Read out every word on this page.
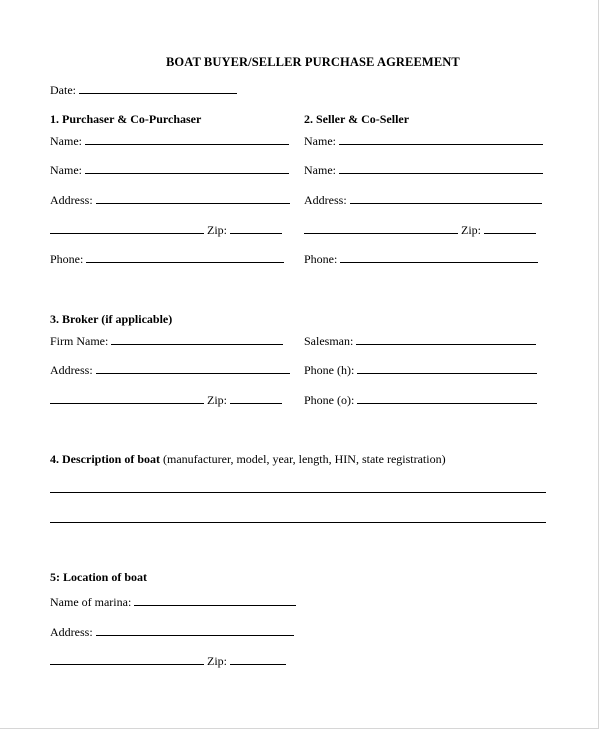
BOAT BUYER/SELLER PURCHASE AGREEMENT
Date:
1. Purchaser & Co-Purchaser	2. Seller & Co-Seller
Name:
Name:
Address:
Zip:
Phone:
Name:
Name:
Address:
Zip:
Phone:
3. Broker (if applicable)
Firm Name:
Address:
Zip:
Salesman:
Phone (h):
Phone (o):
4. Description of boat (manufacturer, model, year, length, HIN, state registration)
5: Location of boat
Name of marina:
Address:
Zip:
